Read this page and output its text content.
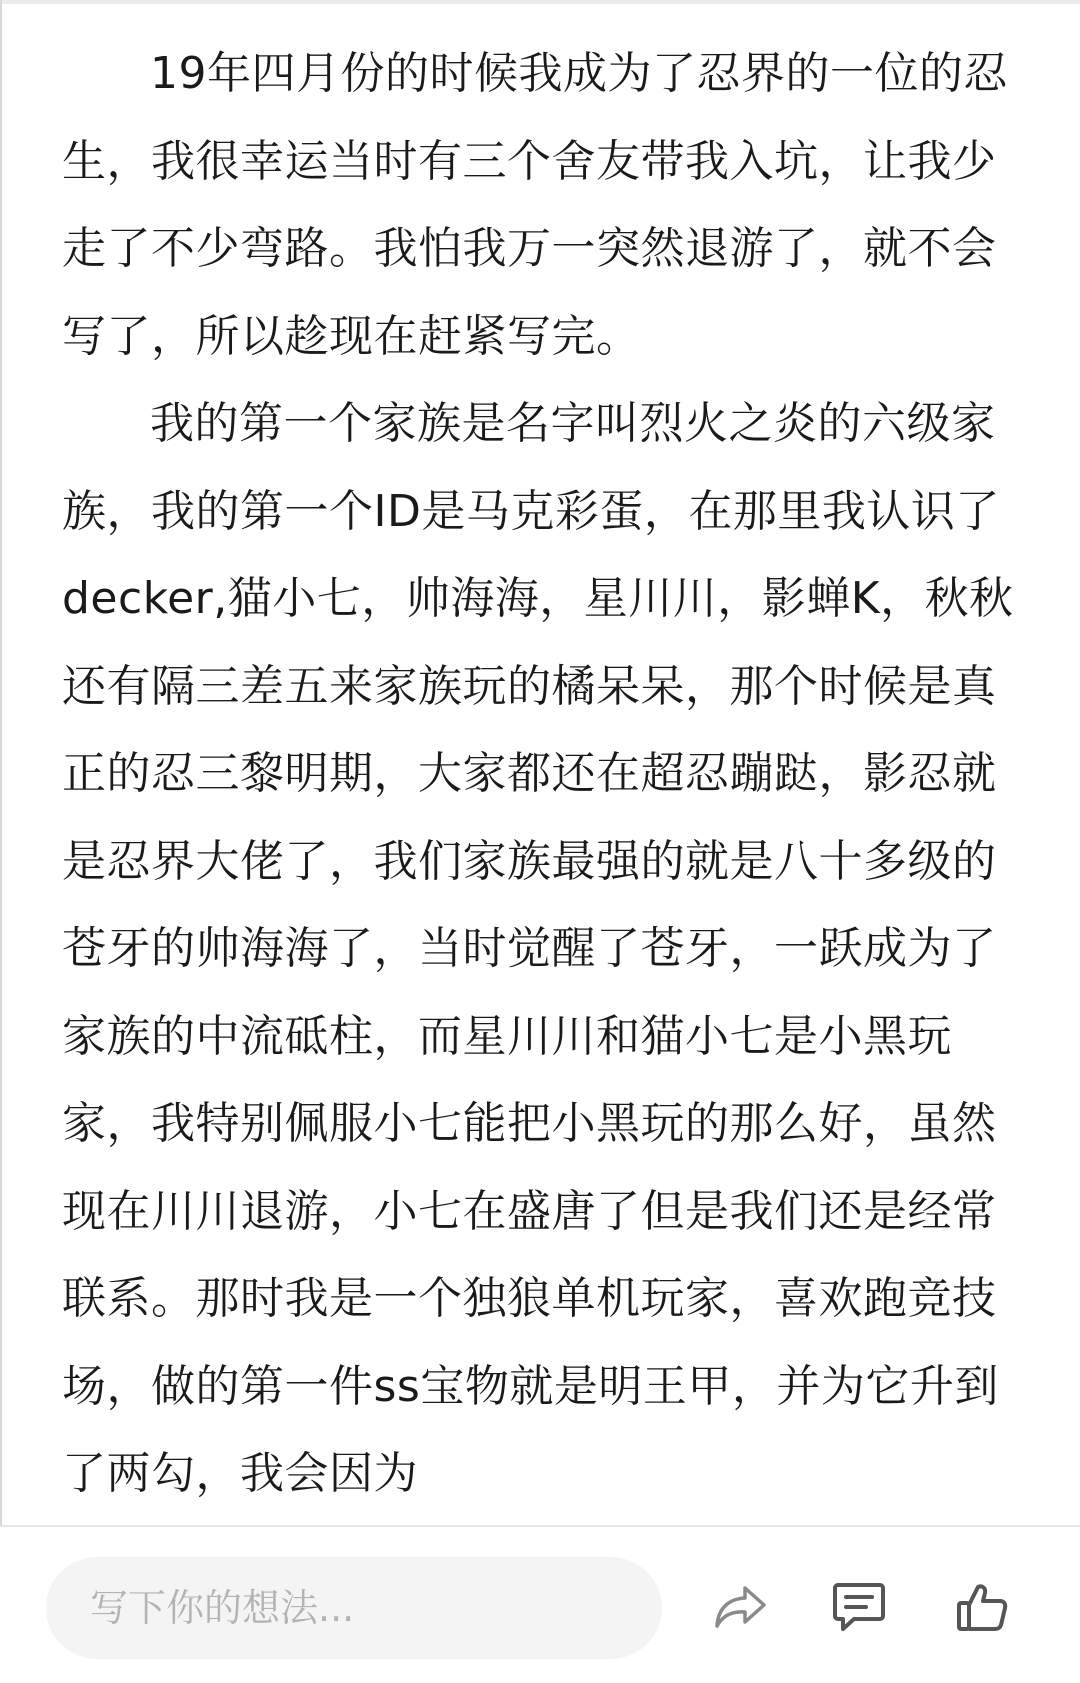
19年四月份的时候我成为了忍界的一位的忍生，我很幸运当时有三个舍友带我入坑，让我少走了不少弯路。我怕我万一突然退游了，就不会写了，所以趁现在赶紧写完。

我的第一个家族是名字叫烈火之炎的六级家族，我的第一个ID是马克彩蛋，在那里我认识了decker,猫小七，帅海海，星川川，影蝉K，秋秋还有隔三差五来家族玩的橘呆呆，那个时候是真正的忍三黎明期，大家都还在超忍蹦跶，影忍就是忍界大佬了，我们家族最强的就是八十多级的苍牙的帅海海了，当时觉醒了苍牙，一跃成为了家族的中流砥柱，而星川川和猫小七是小黑玩家，我特别佩服小七能把小黑玩的那么好，虽然现在川川退游，小七在盛唐了但是我们还是经常联系。那时我是一个独狼单机玩家，喜欢跑竞技场，做的第一件ss宝物就是明王甲，并为它升到了两勾，我会因为

写下你的想法...
